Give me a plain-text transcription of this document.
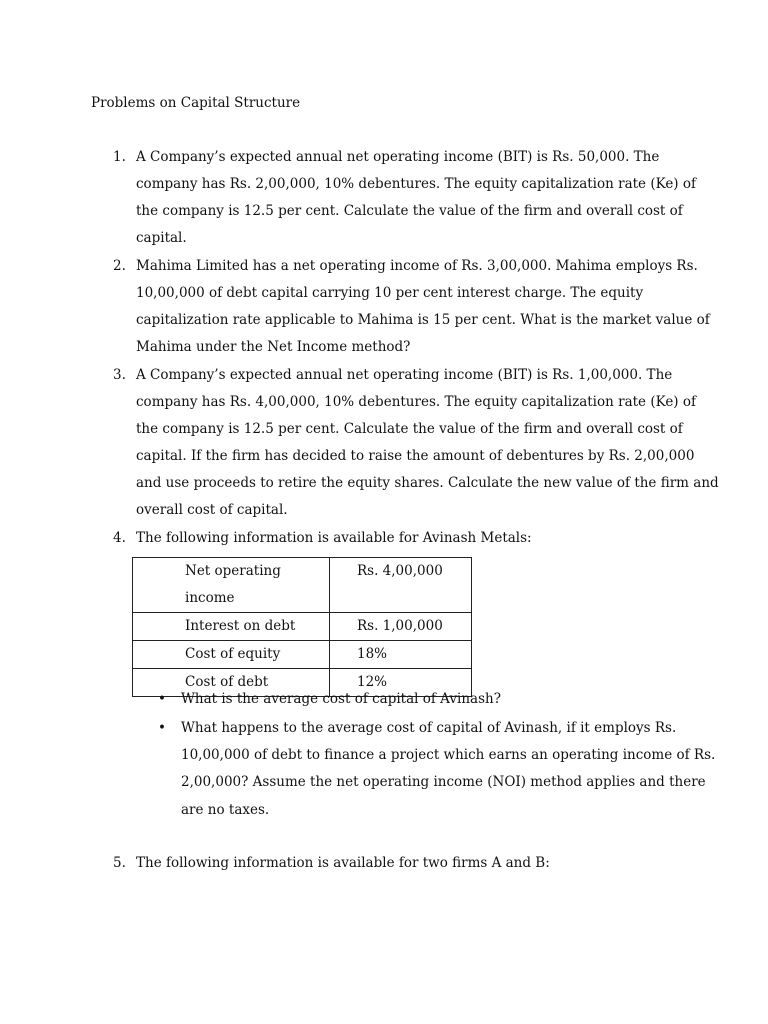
Problems on Capital Structure
1. A Company’s expected annual net operating income (BIT) is Rs. 50,000. The
company has Rs. 2,00,000, 10% debentures. The equity capitalization rate (Ke) of
the company is 12.5 per cent. Calculate the value of the firm and overall cost of
capital.
2. Mahima Limited has a net operating income of Rs. 3,00,000. Mahima employs Rs.
10,00,000 of debt capital carrying 10 per cent interest charge. The equity
capitalization rate applicable to Mahima is 15 per cent. What is the market value of
Mahima under the Net Income method?
3. A Company’s expected annual net operating income (BIT) is Rs. 1,00,000. The
company has Rs. 4,00,000, 10% debentures. The equity capitalization rate (Ke) of
the company is 12.5 per cent. Calculate the value of the firm and overall cost of
capital. If the firm has decided to raise the amount of debentures by Rs. 2,00,000
and use proceeds to retire the equity shares. Calculate the new value of the firm and
overall cost of capital.
4. The following information is available for Avinash Metals:
Net operating
income	Rs. 4,00,000
Interest on debt	Rs. 1,00,000
Cost of equity	18%
Cost of debt	12%
• What is the average cost of capital of Avinash?
• What happens to the average cost of capital of Avinash, if it employs Rs.
10,00,000 of debt to finance a project which earns an operating income of Rs.
2,00,000? Assume the net operating income (NOI) method applies and there
are no taxes.
5. The following information is available for two firms A and B:
